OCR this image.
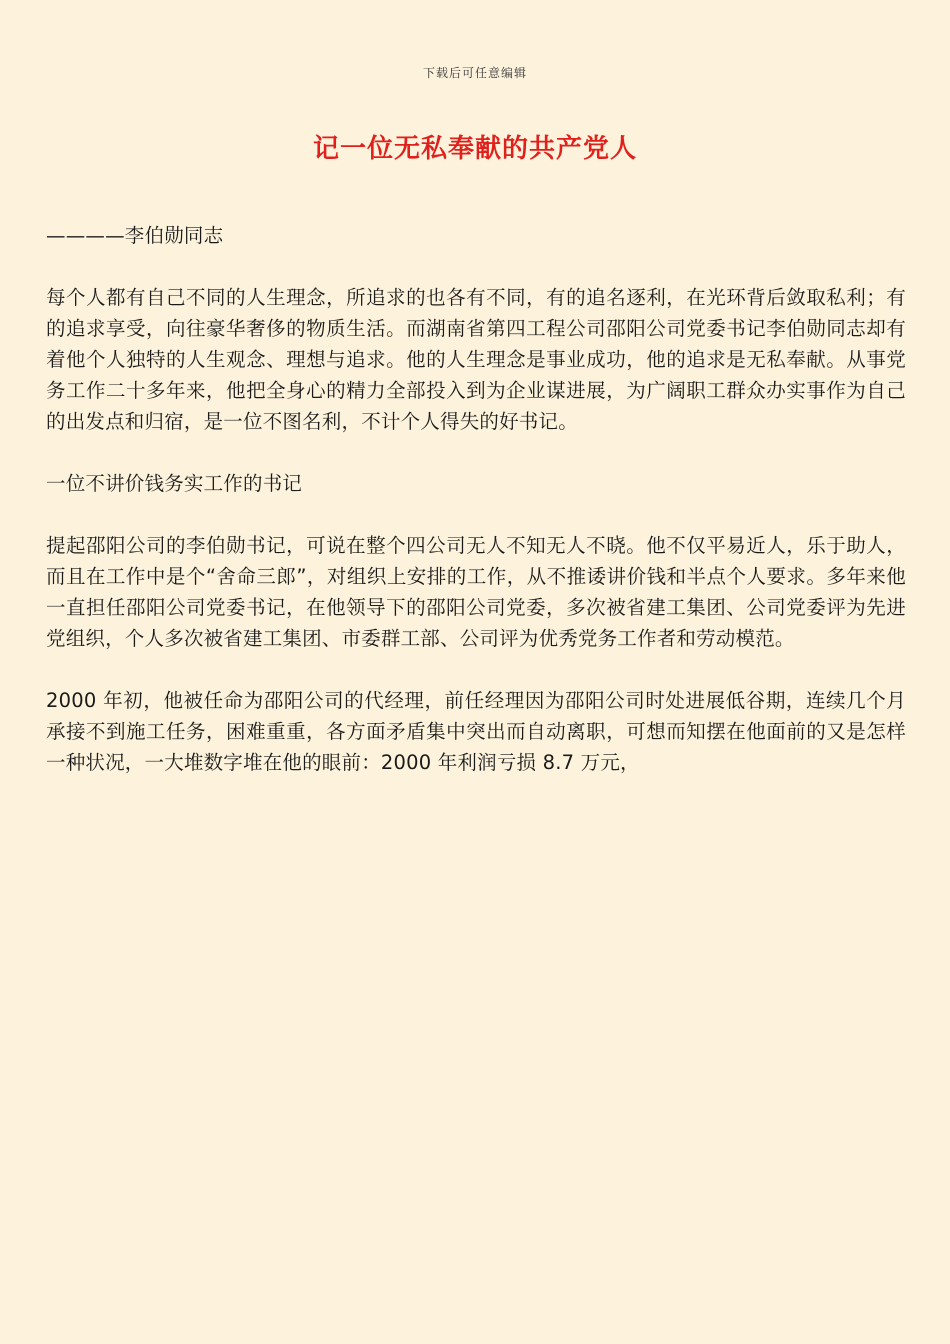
下载后可任意编辑
记一位无私奉献的共产党人

————李伯勋同志

每个人都有自己不同的人生理念，所追求的也各有不同，有的追名逐利，在光环背后敛取私利；有的追求享受，向往豪华奢侈的物质生活。而湖南省第四工程公司邵阳公司党委书记李伯勋同志却有着他个人独特的人生观念、理想与追求。他的人生理念是事业成功，他的追求是无私奉献。从事党务工作二十多年来，他把全身心的精力全部投入到为企业谋进展，为广阔职工群众办实事作为自己的出发点和归宿，是一位不图名利，不计个人得失的好书记。

一位不讲价钱务实工作的书记

提起邵阳公司的李伯勋书记，可说在整个四公司无人不知无人不晓。他不仅平易近人，乐于助人，而且在工作中是个“舍命三郎”，对组织上安排的工作，从不推诿讲价钱和半点个人要求。多年来他一直担任邵阳公司党委书记，在他领导下的邵阳公司党委，多次被省建工集团、公司党委评为先进党组织，个人多次被省建工集团、市委群工部、公司评为优秀党务工作者和劳动模范。

2000 年初，他被任命为邵阳公司的代经理，前任经理因为邵阳公司时处进展低谷期，连续几个月承接不到施工任务，困难重重，各方面矛盾集中突出而自动离职，可想而知摆在他面前的又是怎样一种状况，一大堆数字堆在他的眼前：2000 年利润亏损 8.7 万元，
